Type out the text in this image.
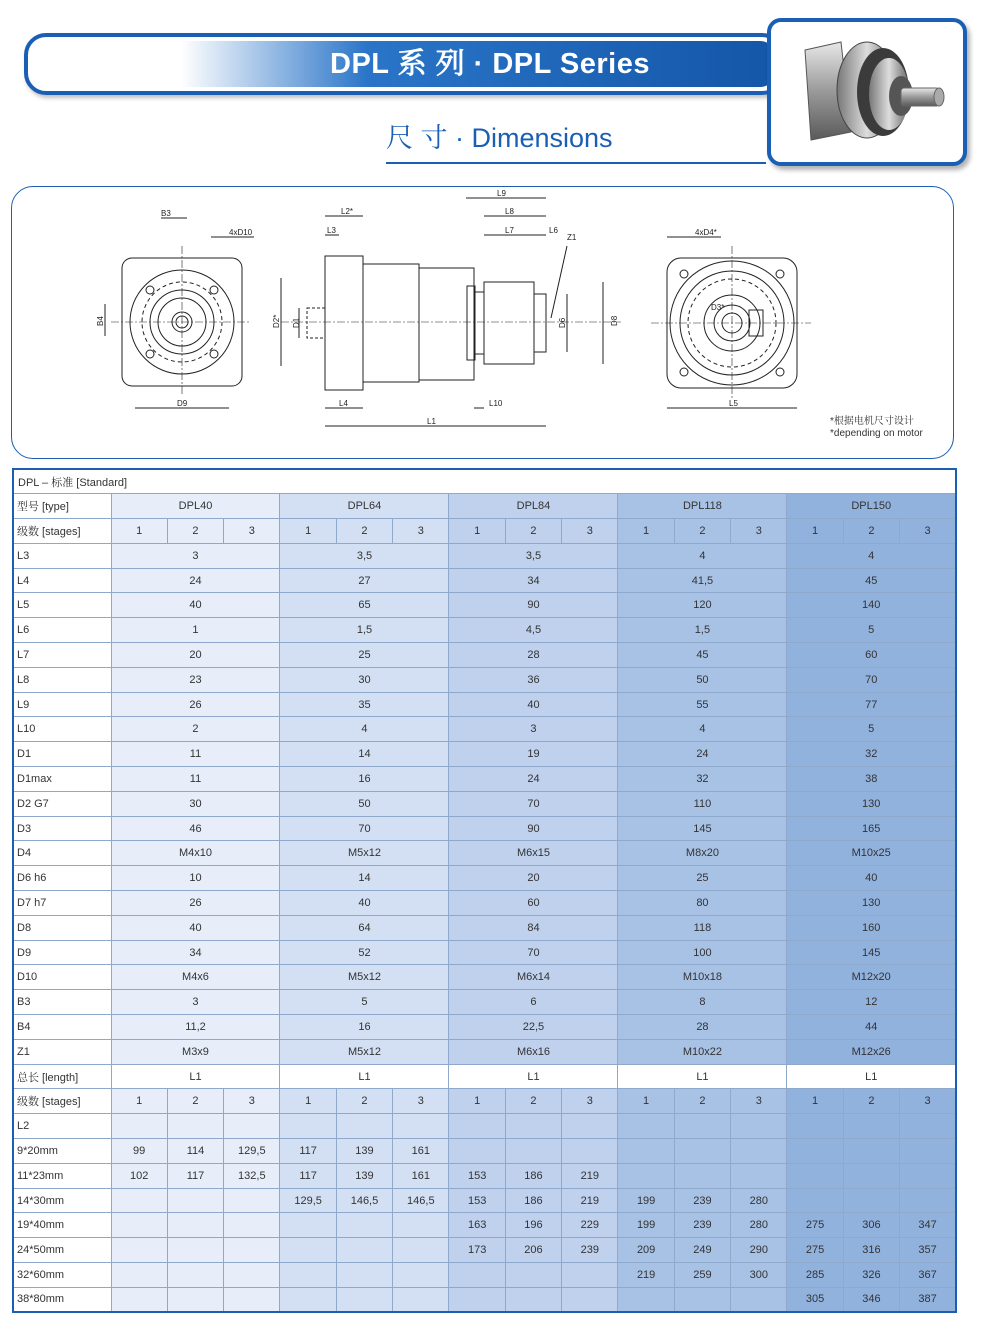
DPL 系 列 · DPL Series
尺 寸 · Dimensions
B3
4xD10
B4
D9
L2*
L3
L9
L8
L7	L6
Z1
D2* D1	D6	D8
L4	L10
L1
4xD4*
D3*
L5
*根据电机尺寸设计
*depending on motor
DPL – 标准 [Standard]															
型号 [type]	DPL40			DPL64			DPL84			DPL118			DPL150		
级数 [stages]	1	2	3	1	2	3	1	2	3	1	2	3	1	2	3
L3	3			3,5			3,5			4			4		
L4	24			27			34			41,5			45		
L5	40			65			90			120			140		
L6	1			1,5			4,5			1,5			5		
L7	20			25			28			45			60		
L8	23			30			36			50			70		
L9	26			35			40			55			77		
L10	2			4			3			4			5		
D1	11			14			19			24			32		
D1max	11			16			24			32			38		
D2 G7	30			50			70			110			130		
D3	46			70			90			145			165		
D4	M4x10			M5x12			M6x15			M8x20			M10x25		
D6 h6	10			14			20			25			40		
D7 h7	26			40			60			80			130		
D8	40			64			84			118			160		
D9	34			52			70			100			145		
D10	M4x6			M5x12			M6x14			M10x18			M12x20		
B3	3			5			6			8			12		
B4	11,2			16			22,5			28			44		
Z1	M3x9			M5x12			M6x16			M10x22			M12x26		
总长 [length]	L1			L1			L1			L1			L1		
级数 [stages]	1	2	3	1	2	3	1	2	3	1	2	3	1	2	3
L2															
9*20mm	99	114	129,5	117	139	161									
11*23mm	102	117	132,5	117	139	161	153	186	219						
14*30mm				129,5	146,5	146,5	153	186	219	199	239	280			
19*40mm							163	196	229	199	239	280	275	306	347
24*50mm							173	206	239	209	249	290	275	316	357
32*60mm										219	259	300	285	326	367
38*80mm													305	346	387
